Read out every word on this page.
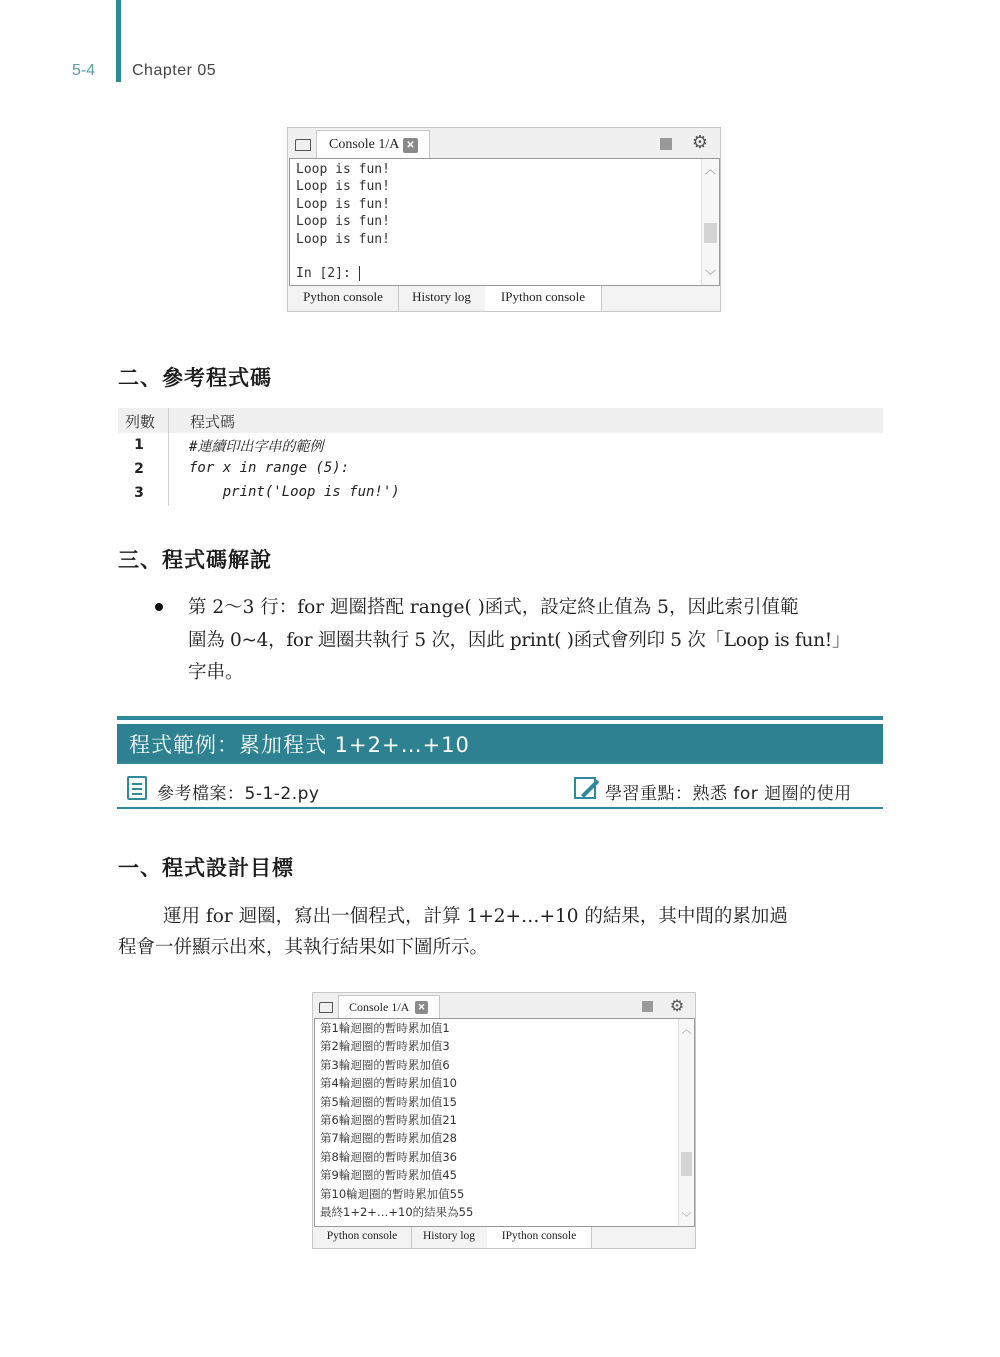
5-4 Chapter 05
Console 1/A ✕	⚙
Loop is fun!
Loop is fun!
Loop is fun!
Loop is fun!
Loop is fun!

In [2]:
︿
﹀
Python console	History log	IPython console
二、參考程式碼
列數 程式碼
1	#連續印出字串的範例
2	for x in range (5):
3	print('Loop is fun!')
三、程式碼解說
第 2～3 行：for 迴圈搭配 range( )函式，設定終止值為 5，因此索引值範
圍為 0~4，for 迴圈共執行 5 次，因此 print( )函式會列印 5 次「Loop is fun!」
字串。
程式範例：累加程式 1+2+…+10
參考檔案：5-1-2.py	學習重點：熟悉 for 迴圈的使用
一、程式設計目標
運用 for 迴圈，寫出一個程式，計算 1+2+…+10 的結果，其中間的累加過
程會一併顯示出來，其執行結果如下圖所示。
Console 1/A ✕	⚙
第1輪迴圈的暫時累加值1
第2輪迴圈的暫時累加值3
第3輪迴圈的暫時累加值6
第4輪迴圈的暫時累加值10
第5輪迴圈的暫時累加值15
第6輪迴圈的暫時累加值21
第7輪迴圈的暫時累加值28
第8輪迴圈的暫時累加值36
第9輪迴圈的暫時累加值45
第10輪迴圈的暫時累加值55
最終1+2+…+10的結果為55
︿
﹀
Python console	History log	IPython console
